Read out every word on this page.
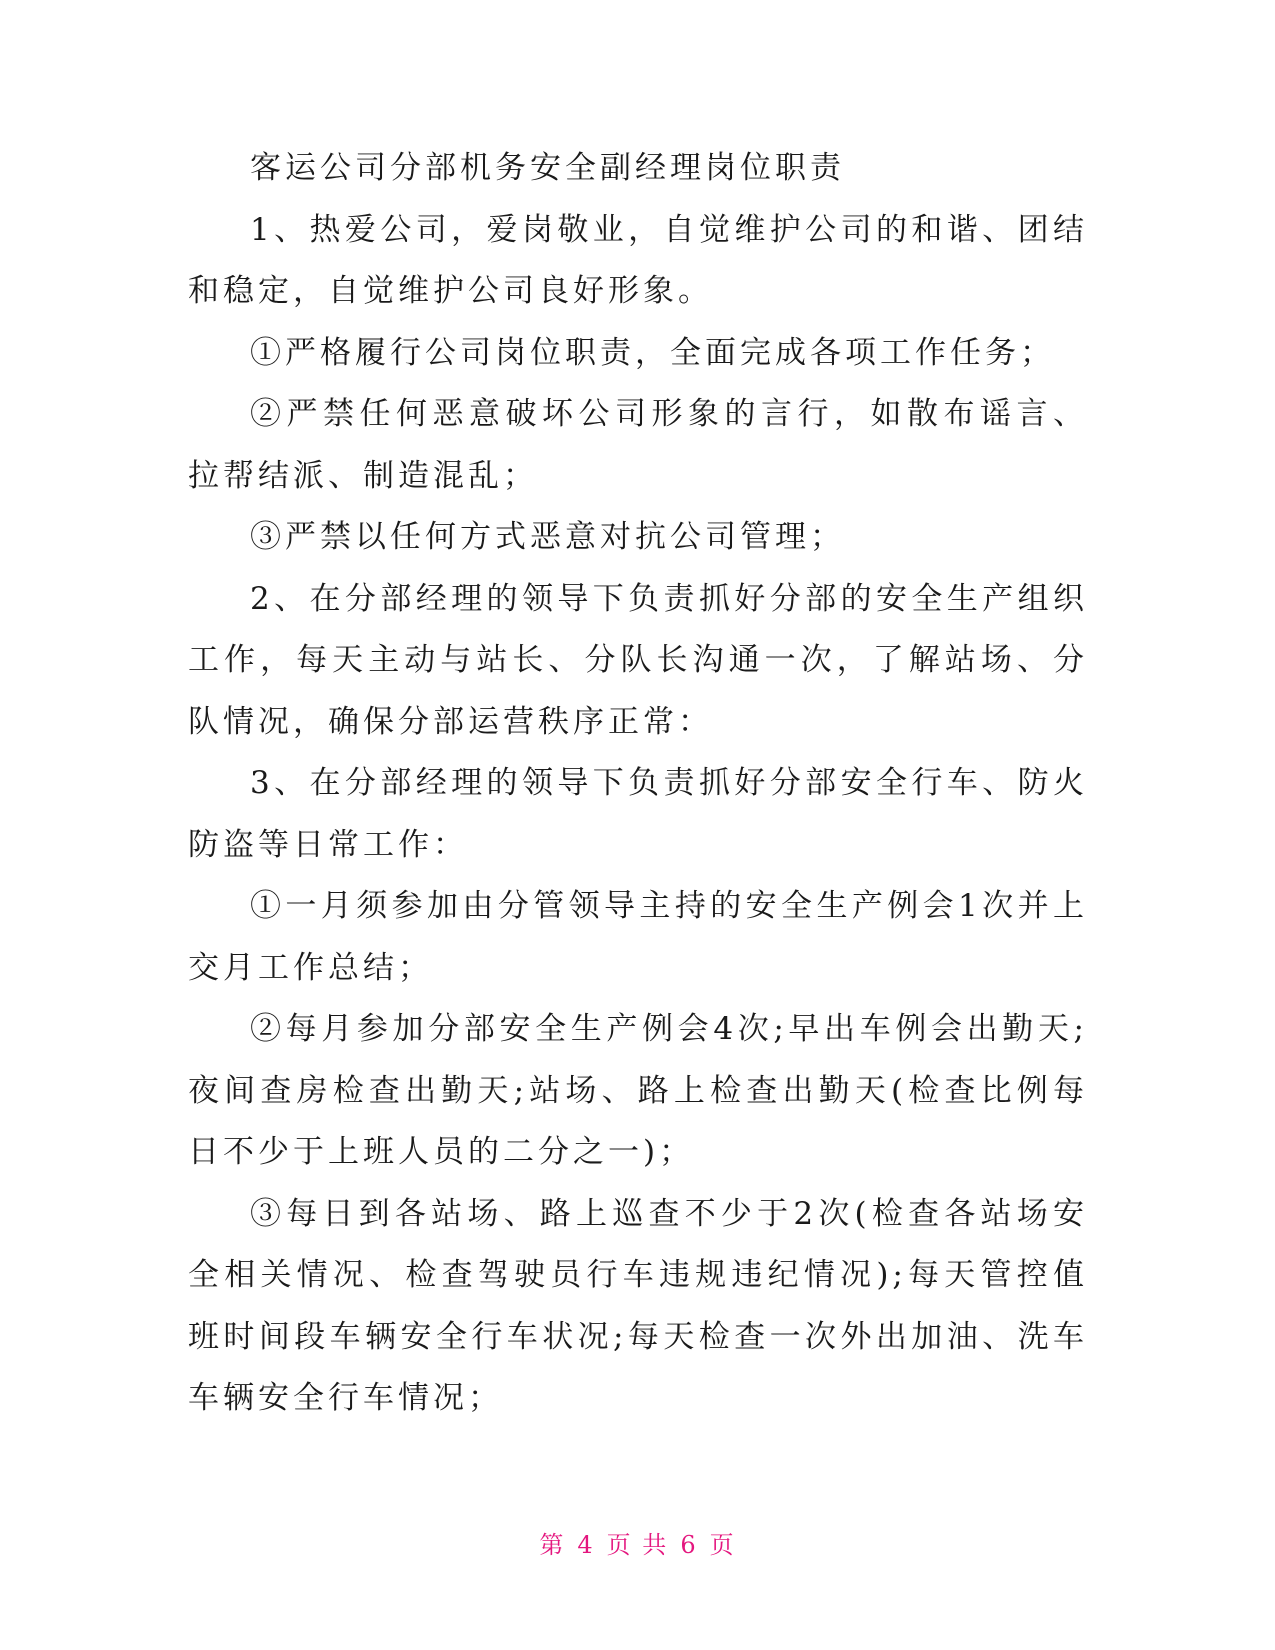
客运公司分部机务安全副经理岗位职责

1、热爱公司，爱岗敬业，自觉维护公司的和谐、团结和稳定，自觉维护公司良好形象。

①严格履行公司岗位职责，全面完成各项工作任务；

②严禁任何恶意破坏公司形象的言行，如散布谣言、拉帮结派、制造混乱；

③严禁以任何方式恶意对抗公司管理；

2、在分部经理的领导下负责抓好分部的安全生产组织工作，每天主动与站长、分队长沟通一次，了解站场、分队情况，确保分部运营秩序正常：

3、在分部经理的领导下负责抓好分部安全行车、防火防盗等日常工作：

①一月须参加由分管领导主持的安全生产例会1次并上交月工作总结；

②每月参加分部安全生产例会4次;早出车例会出勤天;夜间查房检查出勤天;站场、路上检查出勤天(检查比例每日不少于上班人员的二分之一)；

③每日到各站场、路上巡查不少于2次(检查各站场安全相关情况、检查驾驶员行车违规违纪情况);每天管控值班时间段车辆安全行车状况;每天检查一次外出加油、洗车车辆安全行车情况；

第 4 页 共 6 页
